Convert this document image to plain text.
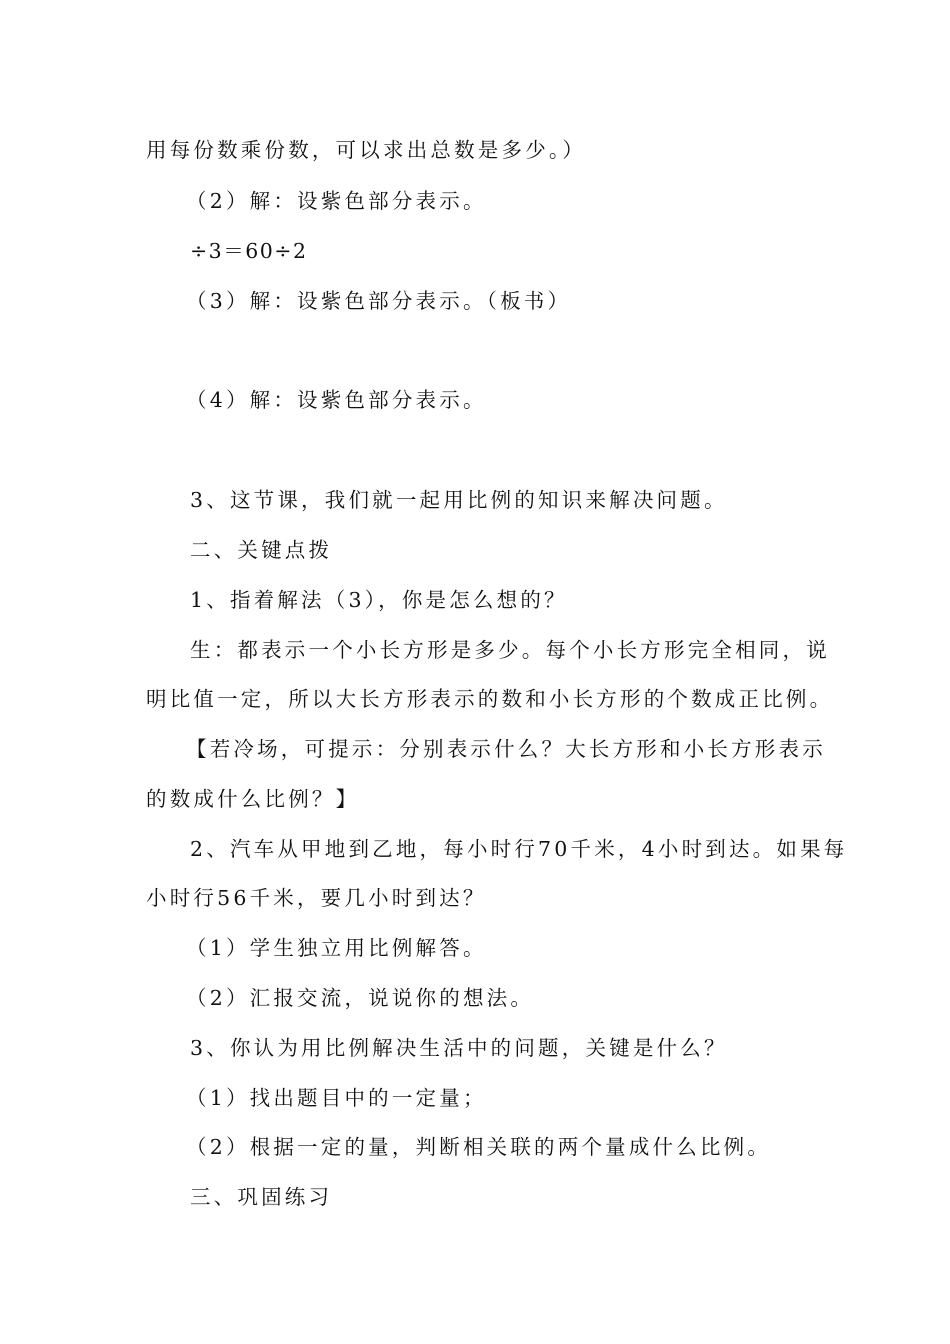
用每份数乘份数，可以求出总数是多少。）
（2）解：设紫色部分表示。
÷3＝60÷2
（3）解：设紫色部分表示。（板书）
（4）解：设紫色部分表示。
3、这节课，我们就一起用比例的知识来解决问题。
二、关键点拨
1、指着解法（3），你是怎么想的？
生：都表示一个小长方形是多少。每个小长方形完全相同，说
明比值一定，所以大长方形表示的数和小长方形的个数成正比例。
【若冷场，可提示：分别表示什么？大长方形和小长方形表示
的数成什么比例？】
2、汽车从甲地到乙地，每小时行70千米，4小时到达。如果每
小时行56千米，要几小时到达？
（1）学生独立用比例解答。
（2）汇报交流，说说你的想法。
3、你认为用比例解决生活中的问题，关键是什么？
（1）找出题目中的一定量；
（2）根据一定的量，判断相关联的两个量成什么比例。
三、巩固练习
